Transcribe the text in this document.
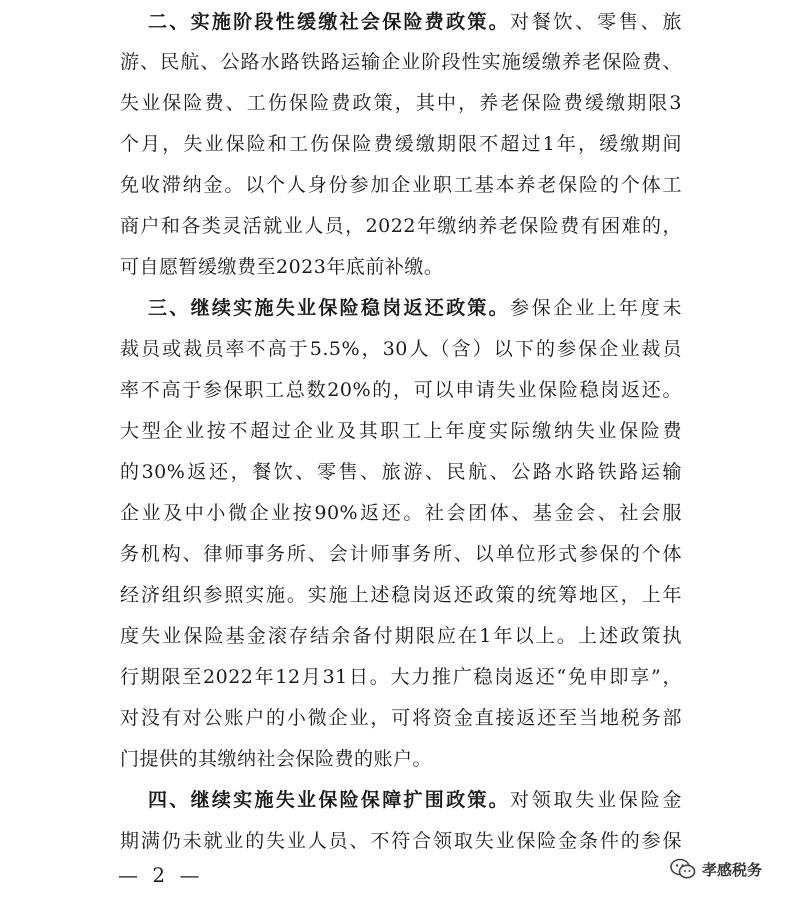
二、实施阶段性缓缴社会保险费政策。对餐饮、零售、旅
游、民航、公路水路铁路运输企业阶段性实施缓缴养老保险费、
失业保险费、工伤保险费政策，其中，养老保险费缓缴期限3
个月，失业保险和工伤保险费缓缴期限不超过1年，缓缴期间
免收滞纳金。以个人身份参加企业职工基本养老保险的个体工
商户和各类灵活就业人员，2022年缴纳养老保险费有困难的，
可自愿暂缓缴费至2023年底前补缴。
三、继续实施失业保险稳岗返还政策。参保企业上年度未
裁员或裁员率不高于5.5%，30人（含）以下的参保企业裁员
率不高于参保职工总数20%的，可以申请失业保险稳岗返还。
大型企业按不超过企业及其职工上年度实际缴纳失业保险费
的30%返还，餐饮、零售、旅游、民航、公路水路铁路运输
企业及中小微企业按90%返还。社会团体、基金会、社会服
务机构、律师事务所、会计师事务所、以单位形式参保的个体
经济组织参照实施。实施上述稳岗返还政策的统筹地区，上年
度失业保险基金滚存结余备付期限应在1年以上。上述政策执
行期限至2022年12月31日。大力推广稳岗返还“免申即享”，
对没有对公账户的小微企业，可将资金直接返还至当地税务部
门提供的其缴纳社会保险费的账户。
四、继续实施失业保险保障扩围政策。对领取失业保险金
期满仍未就业的失业人员、不符合领取失业保险金条件的参保
— 2 —	孝感税务
